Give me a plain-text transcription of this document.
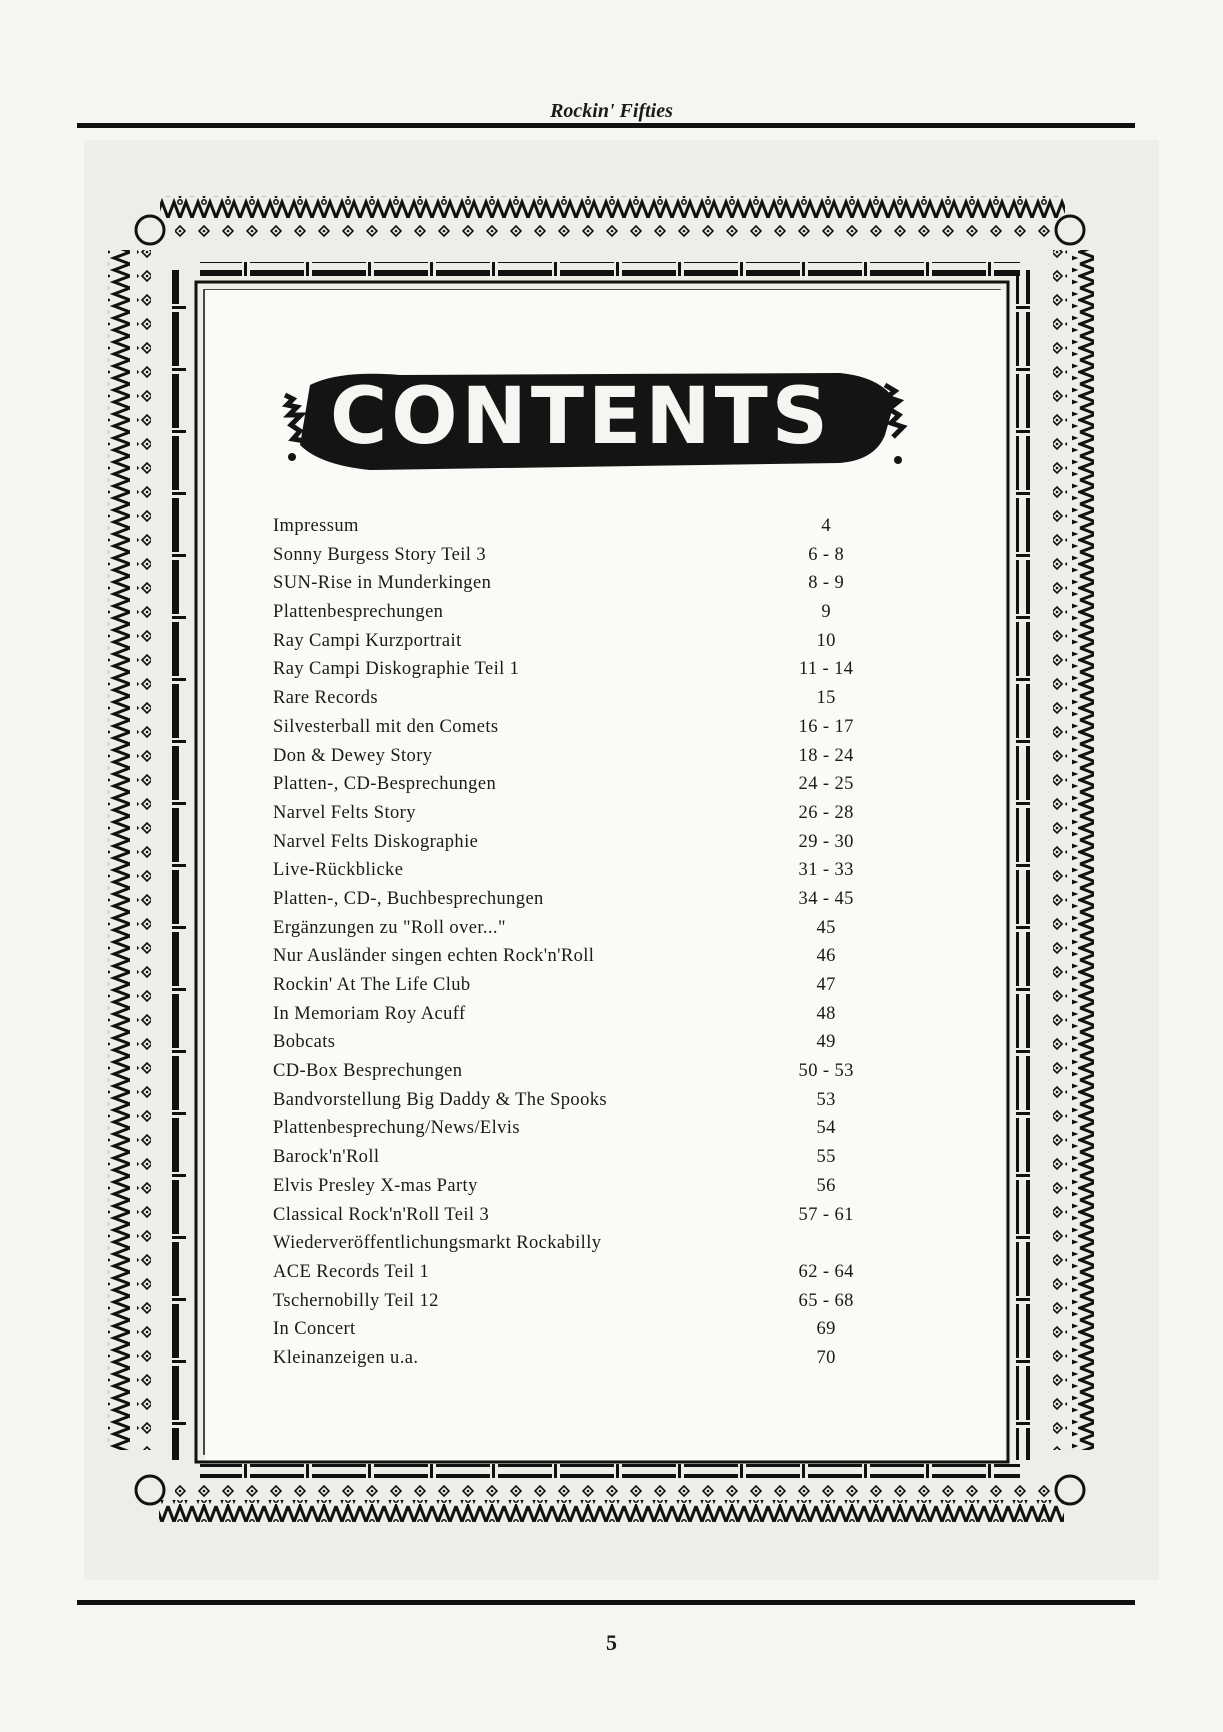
Rockin' Fifties
CONTENTS
Impressum	4
Sonny Burgess Story Teil 3	6 - 8
SUN-Rise in Munderkingen	8 - 9
Plattenbesprechungen	9
Ray Campi Kurzportrait	10
Ray Campi Diskographie Teil 1	11 - 14
Rare Records	15
Silvesterball mit den Comets	16 - 17
Don & Dewey Story	18 - 24
Platten-, CD-Besprechungen	24 - 25
Narvel Felts Story	26 - 28
Narvel Felts Diskographie	29 - 30
Live-Rückblicke	31 - 33
Platten-, CD-, Buchbesprechungen	34 - 45
Ergänzungen zu "Roll over..."	45
Nur Ausländer singen echten Rock'n'Roll	46
Rockin' At The Life Club	47
In Memoriam Roy Acuff	48
Bobcats	49
CD-Box Besprechungen	50 - 53
Bandvorstellung Big Daddy & The Spooks	53
Plattenbesprechung/News/Elvis	54
Barock'n'Roll	55
Elvis Presley X-mas Party	56
Classical Rock'n'Roll Teil 3	57 - 61
Wiederveröffentlichungsmarkt Rockabilly
ACE Records Teil 1	62 - 64
Tschernobilly Teil 12	65 - 68
In Concert	69
Kleinanzeigen u.a.	70
5
